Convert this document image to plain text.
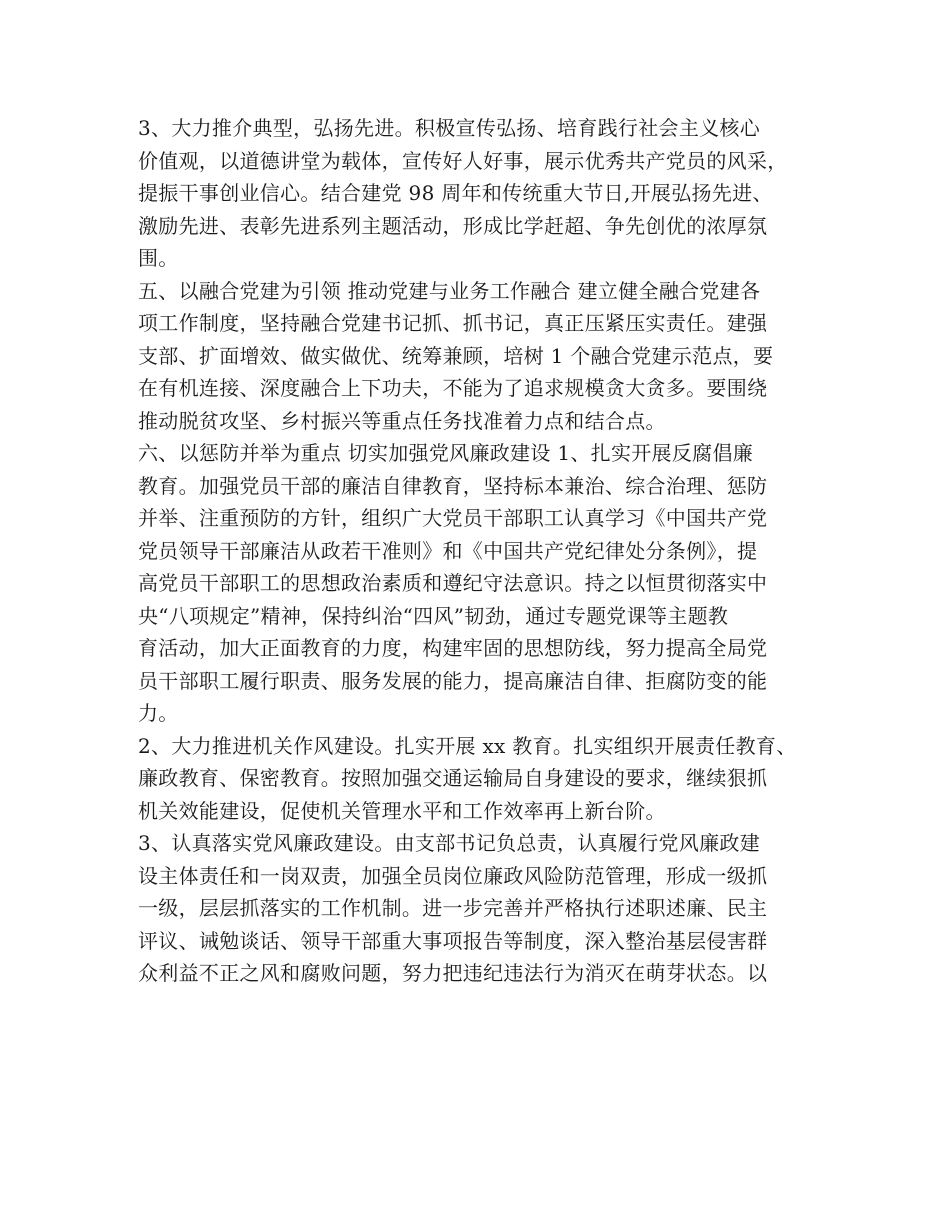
3、大力推介典型，弘扬先进。积极宣传弘扬、培育践行社会主义核心
价值观，以道德讲堂为载体，宣传好人好事，展示优秀共产党员的风采，
提振干事创业信心。结合建党 98 周年和传统重大节日,开展弘扬先进、
激励先进、表彰先进系列主题活动，形成比学赶超、争先创优的浓厚氛
围。
五、以融合党建为引领 推动党建与业务工作融合 建立健全融合党建各
项工作制度，坚持融合党建书记抓、抓书记，真正压紧压实责任。建强
支部、扩面增效、做实做优、统筹兼顾，培树 1 个融合党建示范点，要
在有机连接、深度融合上下功夫，不能为了追求规模贪大贪多。要围绕
推动脱贫攻坚、乡村振兴等重点任务找准着力点和结合点。
六、以惩防并举为重点 切实加强党风廉政建设 1、扎实开展反腐倡廉
教育。加强党员干部的廉洁自律教育，坚持标本兼治、综合治理、惩防
并举、注重预防的方针，组织广大党员干部职工认真学习《中国共产党
党员领导干部廉洁从政若干准则》和《中国共产党纪律处分条例》，提
高党员干部职工的思想政治素质和遵纪守法意识。持之以恒贯彻落实中
央“八项规定”精神，保持纠治“四风”韧劲，通过专题党课等主题教
育活动，加大正面教育的力度，构建牢固的思想防线，努力提高全局党
员干部职工履行职责、服务发展的能力，提高廉洁自律、拒腐防变的能
力。
2、大力推进机关作风建设。扎实开展 xx 教育。扎实组织开展责任教育、
廉政教育、保密教育。按照加强交通运输局自身建设的要求，继续狠抓
机关效能建设，促使机关管理水平和工作效率再上新台阶。
3、认真落实党风廉政建设。由支部书记负总责，认真履行党风廉政建
设主体责任和一岗双责，加强全员岗位廉政风险防范管理，形成一级抓
一级，层层抓落实的工作机制。进一步完善并严格执行述职述廉、民主
评议、诫勉谈话、领导干部重大事项报告等制度，深入整治基层侵害群
众利益不正之风和腐败问题，努力把违纪违法行为消灭在萌芽状态。以
